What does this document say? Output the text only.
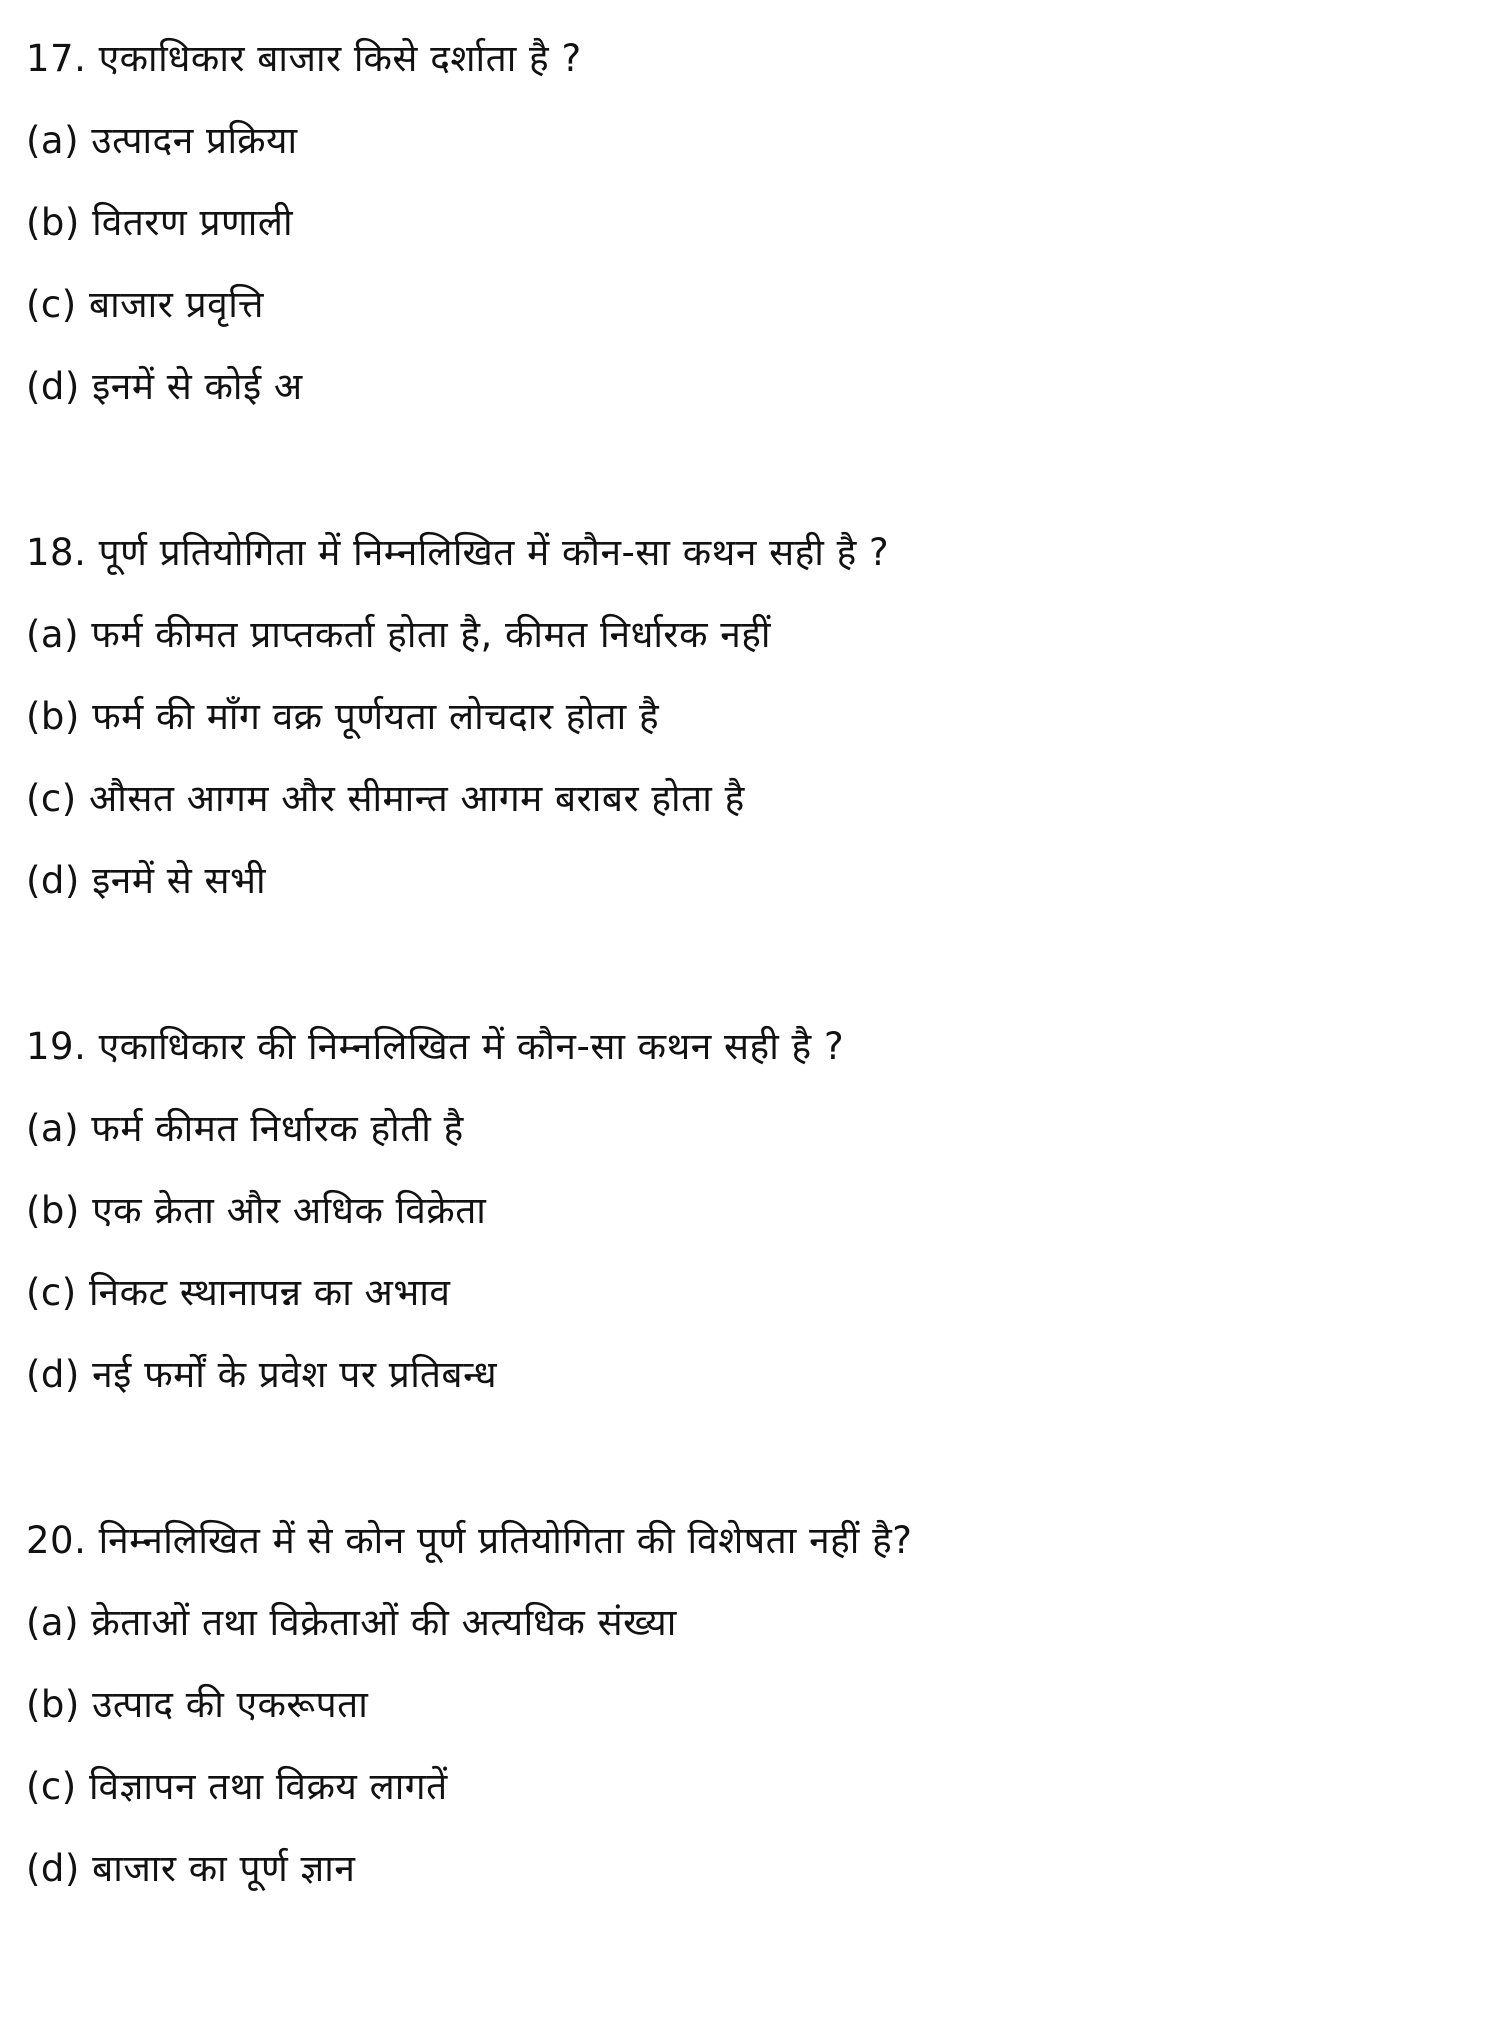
17. एकाधिकार बाजार किसे दर्शाता है ?
(a) उत्पादन प्रक्रिया
(b) वितरण प्रणाली
(c) बाजार प्रवृत्ति
(d) इनमें से कोई अ
18. पूर्ण प्रतियोगिता में निम्नलिखित में कौन-सा कथन सही है ?
(a) फर्म कीमत प्राप्तकर्ता होता है, कीमत निर्धारक नहीं
(b) फर्म की माँग वक्र पूर्णयता लोचदार होता है
(c) औसत आगम और सीमान्त आगम बराबर होता है
(d) इनमें से सभी
19. एकाधिकार की निम्नलिखित में कौन-सा कथन सही है ?
(a) फर्म कीमत निर्धारक होती है
(b) एक क्रेता और अधिक विक्रेता
(c) निकट स्थानापन्न का अभाव
(d) नई फर्मों के प्रवेश पर प्रतिबन्ध
20. निम्नलिखित में से कोन पूर्ण प्रतियोगिता की विशेषता नहीं है?
(a) क्रेताओं तथा विक्रेताओं की अत्यधिक संख्या
(b) उत्पाद की एकरूपता
(c) विज्ञापन तथा विक्रय लागतें
(d) बाजार का पूर्ण ज्ञान
